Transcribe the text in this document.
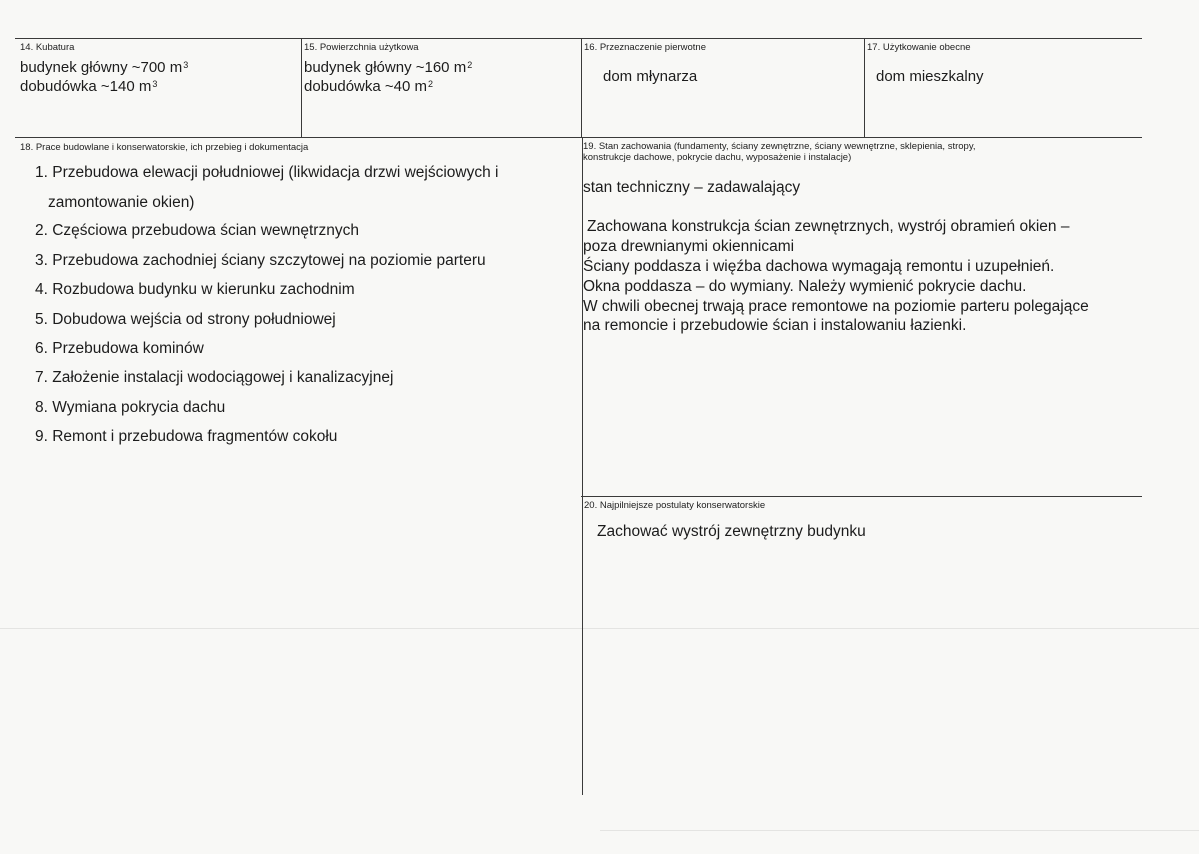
14. Kubatura
budynek główny ~700 $m^3$
dobudówka ~140 $m^3$
15. Powierzchnia użytkowa
budynek główny ~160 $m^2$
dobudówka ~40 $m^2$
16. Przeznaczenie pierwotne
dom młynarza
17. Użytkowanie obecne
dom mieszkalny
18. Prace budowlane i konserwatorskie, ich przebieg i dokumentacja
1. Przebudowa elewacji południowej (likwidacja drzwi wejściowych i
zamontowanie okien)
2. Częściowa przebudowa ścian wewnętrznych
3. Przebudowa zachodniej ściany szczytowej na poziomie parteru
4. Rozbudowa budynku w kierunku zachodnim
5. Dobudowa wejścia od strony południowej
6. Przebudowa kominów
7. Założenie instalacji wodociągowej i kanalizacyjnej
8. Wymiana pokrycia dachu
9. Remont i przebudowa fragmentów cokołu
19. Stan zachowania (fundamenty, ściany zewnętrzne, ściany wewnętrzne, sklepienia, stropy,
konstrukcje dachowe, pokrycie dachu, wyposażenie i instalacje)
stan techniczny – zadawalający
Zachowana konstrukcja ścian zewnętrznych, wystrój obramień okien –
poza drewnianymi okiennicami
Ściany poddasza i więźba dachowa wymagają remontu i uzupełnień.
Okna poddasza – do wymiany. Należy wymienić pokrycie dachu.
W chwili obecnej trwają prace remontowe na poziomie parteru polegające
na remoncie i przebudowie ścian i instalowaniu łazienki.
20. Najpilniejsze postulaty konserwatorskie
Zachować wystrój zewnętrzny budynku
